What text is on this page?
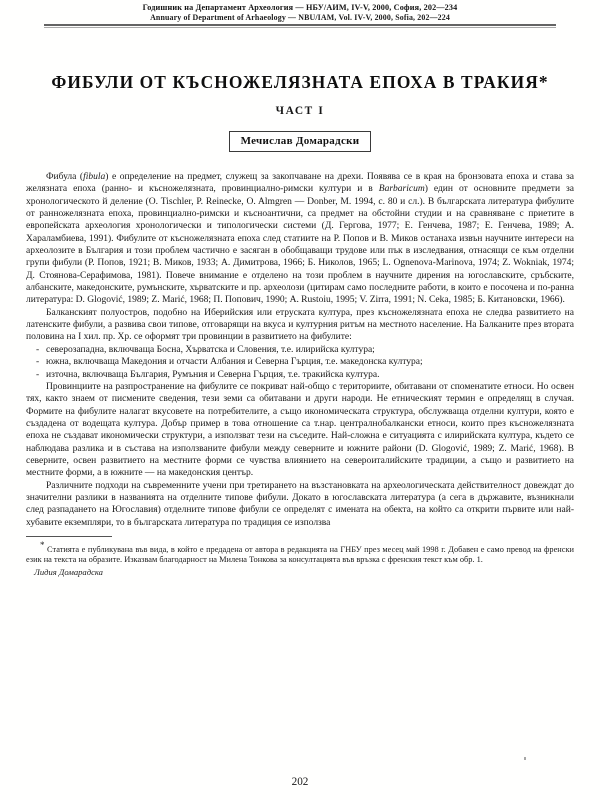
Годишник на Департамент Археология — НБУ/АИМ, IV-V, 2000, София, 202—234
Annuary of Department of Arhaeology — NBU/IAM, Vol. IV-V, 2000, Sofia, 202—224
ФИБУЛИ ОТ КЪСНОЖЕЛЯЗНАТА ЕПОХА В ТРАКИЯ*
ЧАСТ I
Мечислав Домарадски

Фибула (fibula) е определение на предмет, служещ за закопчаване на дрехи. Появява се в края на бронзовата епоха и става за желязната епоха (ранно- и късножелязната, провинциално-римски култури и в Barbaricum) един от основните предмети за хронологическото й деление (О. Tischler, P. Reinecke, O. Almgren — Donber, M. 1994, с. 80 и сл.). В българската литература фибулите от ранножелязната епоха, провинциално-римски и късноантични, са предмет на обстойни студии и на сравняване с приетите в европейската археология хронологически и типологически системи (Д. Гергова, 1977; Е. Генчева, 1987; Е. Генчева, 1989; А. Хараламбиева, 1991). Фибулите от късножелязната епоха след статиите на Р. Попов и В. Миков останаха извън научните интереси на археолозите в България и този проблем частично е засяган в обобщаващи трудове или пък в изследвания, отнасящи се към отделни групи фибули (Р. Попов, 1921; В. Миков, 1933; А. Димитрова, 1966; Б. Николов, 1965; L. Ognenova-Marinova, 1974; Z. Wokniak, 1974; Д. Стоянова-Серафимова, 1981). Повече внимание е отделено на този проблем в научните дирения на югославските, сръбските, албанските, македонските, румънските, хърватските и пр. археолози (цитирам само последните работи, в които е посочена и по-ранна литература: D. Glogović, 1989; Z. Marić, 1968; П. Попович, 1990; A. Rustoiu, 1995; V. Zirra, 1991; N. Ceka, 1985; Б. Китановски, 1966).

Балканският полуостров, подобно на Иберийския или етруската култура, през късножелязната епоха не следва развитието на латенските фибули, а развива свои типове, отговарящи на вкуса и културния ритъм на местното население. На Балканите през втората половина на I хил. пр. Хр. се оформят три провинции в развитието на фибулите:

- северозападна, включваща Босна, Хърватска и Словения, т.е. илирийска култура;
- южна, включваща Македония и отчасти Албания и Северна Гърция, т.е. македонска култура;
- източна, включваща България, Румъния и Северна Гърция, т.е. тракийска култура.

Провинциите на разпространение на фибулите се покриват най-общо с териториите, обитавани от споменатите етноси. Но освен тях, както знаем от писмените сведения, тези земи са обитавани и други народи. Не етническият термин е определящ в случая. Формите на фибулите налагат вкусовете на потребителите, а също икономическата структура, обслужваща отделни култури, която е създадена от водещата култура. Добър пример в това отношение са т.нар. централнобалкански етноси, които през късножелязната епоха не създават икономически структури, а използват тези на съседите. Най-сложна е ситуацията с илирийската култура, където се наблюдава разлика и в състава на използваните фибули между северните и южните райони (D. Glogović, 1989; Z. Marić, 1968). В северните, освен развитието на местните форми се чувства влиянието на североиталийските традиции, а също и развитието на местните форми, а в южните — на македонския център.

Различните подходи на съвременните учени при третирането на възстановката на археологическата действителност довеждат до значителни разлики в названията на отделните типове фибули. Докато в югославската литература (а сега в държавите, възникнали след разпадането на Югославия) отделните типове фибули се определят с имената на обекта, на който са открити първите или най-хубавите екземпляри, то в българската литература по традиция се използва

* Статията е публикувана във вида, в който е предадена от автора в редакцията на ГНБУ през месец май 1998 г. Добавен е само превод на френски език на текста на образите. Изказвам благодарност на Милена Тонкова за консултацията във връзка с френския текст към обр. 1.

Лидия Домарадска
202
